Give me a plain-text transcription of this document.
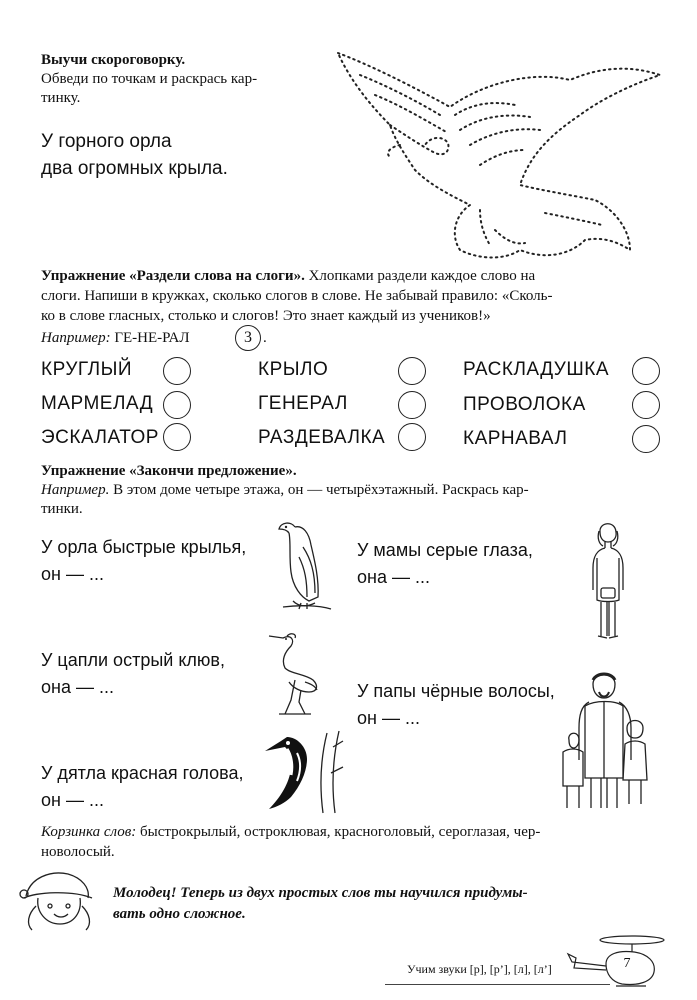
Выучи скороговорку.
Обведи по точкам и раскрась кар-
тинку.
У горного орла
два огромных крыла.
Упражнение «Раздели слова на слоги». Хлопками раздели каждое слово на
слоги. Напиши в кружках, сколько слогов в слове. Не забывай правило: «Сколь-
ко в слове гласных, столько и слогов! Это знает каждый из учеников!»
Например: ГЕ-НЕ-РАЛ	3 .
КРУГЛЫЙ	КРЫЛО	РАСКЛАДУШКА
МАРМЕЛАД	ГЕНЕРАЛ	ПРОВОЛОКА
ЭСКАЛАТОР	РАЗДЕВАЛКА	КАРНАВАЛ
Упражнение «Закончи предложение».
Например. В этом доме четыре этажа, он — четырёхэтажный. Раскрась кар-
тинки.
У орла быстрые крылья,
он — ...
У мамы серые глаза,
она — ...
У цапли острый клюв,
она — ...	У папы чёрные волосы,
он — ...
У дятла красная голова,
он — ...
Корзинка слов: быстрокрылый, остроклювая, красноголовый, сероглазая, чер-
новолосый.
Молодец! Теперь из двух простых слов ты научился придумы-
вать одно сложное.
Учим звуки [р], [р’], [л], [л’]	7
